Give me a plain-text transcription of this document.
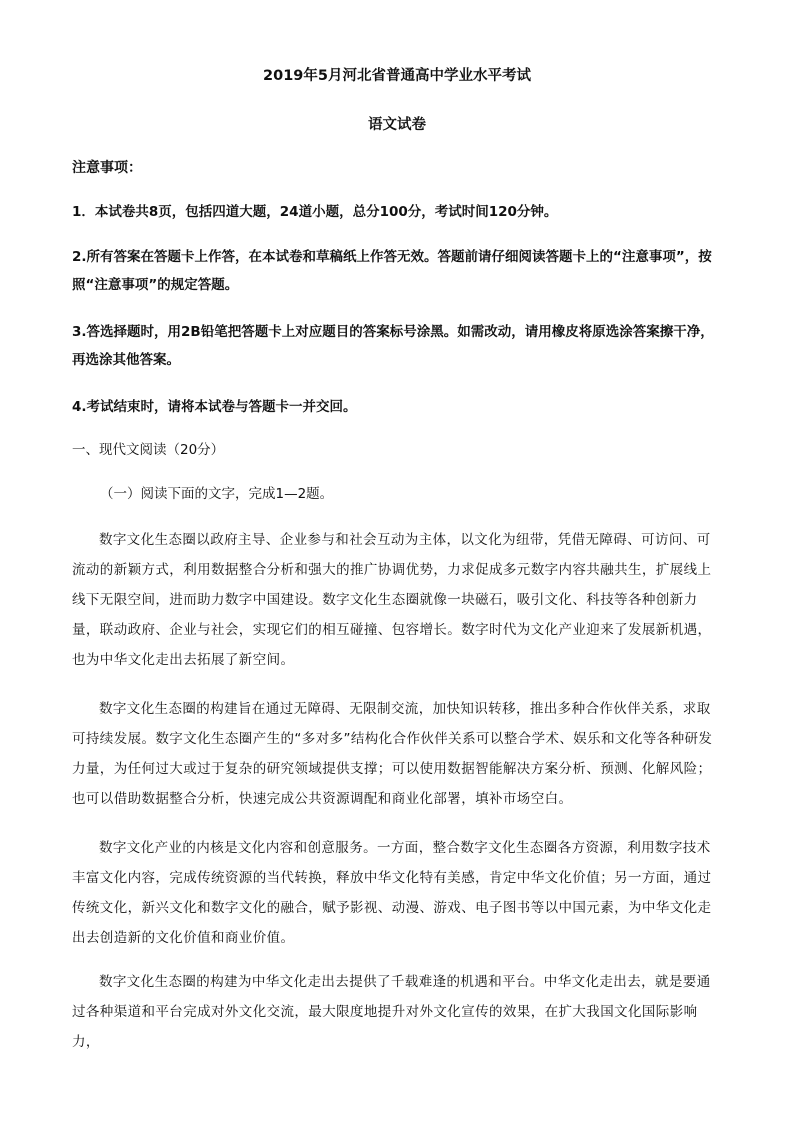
2019年5月河北省普通高中学业水平考试
语文试卷
注意事项：
1．本试卷共8页，包括四道大题，24道小题，总分100分，考试时间120分钟。
2.所有答案在答题卡上作答，在本试卷和草稿纸上作答无效。答题前请仔细阅读答题卡上的“注意事项”，按照“注意事项”的规定答题。
3.答选择题时，用2B铅笔把答题卡上对应题目的答案标号涂黑。如需改动，请用橡皮将原选涂答案擦干净，再选涂其他答案。
4.考试结束时，请将本试卷与答题卡一并交回。
一、现代文阅读（20分）
（一）阅读下面的文字，完成1—2题。
数字文化生态圈以政府主导、企业参与和社会互动为主体，以文化为纽带，凭借无障碍、可访问、可流动的新颖方式，利用数据整合分析和强大的推广协调优势，力求促成多元数字内容共融共生，扩展线上线下无限空间，进而助力数字中国建设。数字文化生态圈就像一块磁石，吸引文化、科技等各种创新力量，联动政府、企业与社会，实现它们的相互碰撞、包容增长。数字时代为文化产业迎来了发展新机遇，也为中华文化走出去拓展了新空间。
数字文化生态圈的构建旨在通过无障碍、无限制交流，加快知识转移，推出多种合作伙伴关系，求取可持续发展。数字文化生态圈产生的“多对多”结构化合作伙伴关系可以整合学术、娱乐和文化等各种研发力量，为任何过大或过于复杂的研究领域提供支撑；可以使用数据智能解决方案分析、预测、化解风险；也可以借助数据整合分析，快速完成公共资源调配和商业化部署，填补市场空白。
数字文化产业的内核是文化内容和创意服务。一方面，整合数字文化生态圈各方资源，利用数字技术丰富文化内容，完成传统资源的当代转换，释放中华文化特有美感，肯定中华文化价值；另一方面，通过传统文化，新兴文化和数字文化的融合，赋予影视、动漫、游戏、电子图书等以中国元素，为中华文化走出去创造新的文化价值和商业价值。
数字文化生态圈的构建为中华文化走出去提供了千载难逢的机遇和平台。中华文化走出去，就是要通过各种渠道和平台完成对外文化交流，最大限度地提升对外文化宣传的效果，在扩大我国文化国际影响力，
